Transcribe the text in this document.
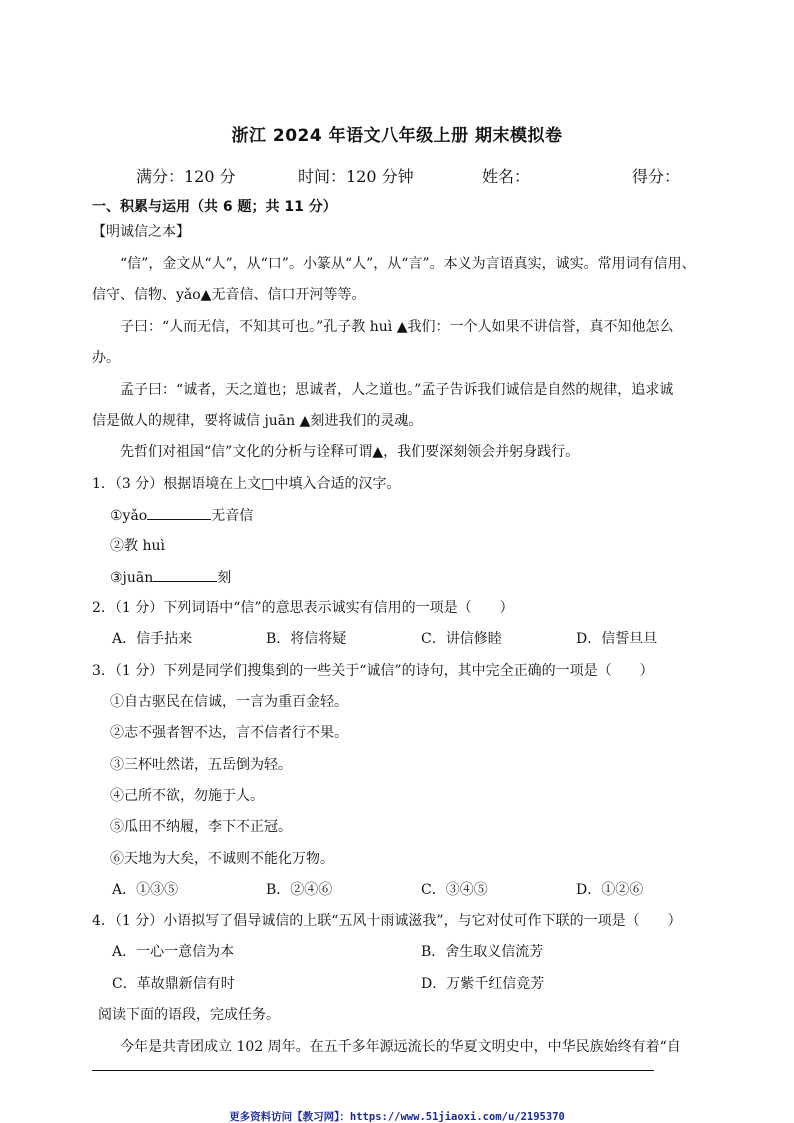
浙江 2024 年语文八年级上册 期末模拟卷
满分：120 分	时间：120 分钟	姓名：	得分：
一、积累与运用（共 6 题；共 11 分）
【明诚信之本】
“信”，金文从“人”，从“口”。小篆从“人”，从“言”。本义为言语真实，诚实。常用词有信用、
信守、信物、yǎo▲无音信、信口开河等等。
子曰：“人而无信，不知其可也。”孔子教 huì ▲我们：一个人如果不讲信誉，真不知他怎么
办。
孟子曰：“诚者，天之道也；思诚者，人之道也。”孟子告诉我们诚信是自然的规律，追求诚
信是做人的规律，要将诚信 juān ▲刻进我们的灵魂。
先哲们对祖国“信”文化的分析与诠释可谓▲，我们要深刻领会并躬身践行。
1．（3 分）根据语境在上文□中填入合适的汉字。
①yǎo	无音信
②教 huì
③juān	刻
2．（1 分）下列词语中“信”的意思表示诚实有信用的一项是（　　）
A．信手拈来	B．将信将疑	C．讲信修睦	D．信誓旦旦
3．（1 分）下列是同学们搜集到的一些关于“诚信”的诗句，其中完全正确的一项是（　　）
①自古驱民在信诚，一言为重百金轻。
②志不强者智不达，言不信者行不果。
③三杯吐然诺，五岳倒为轻。
④己所不欲，勿施于人。
⑤瓜田不纳履，李下不正冠。
⑥天地为大矣，不诚则不能化万物。
A．①③⑤	B．②④⑥	C．③④⑤	D．①②⑥
4．（1 分）小语拟写了倡导诚信的上联“五风十雨诚滋我”，与它对仗可作下联的一项是（　　）
A．一心一意信为本	B．舍生取义信流芳
C．革故鼎新信有时	D．万紫千红信竞芳
阅读下面的语段，完成任务。
今年是共青团成立 102 周年。在五千多年源远流长的华夏文明史中，中华民族始终有着“自
更多资料访问【教习网】：https://www.51jiaoxi.com/u/2195370
